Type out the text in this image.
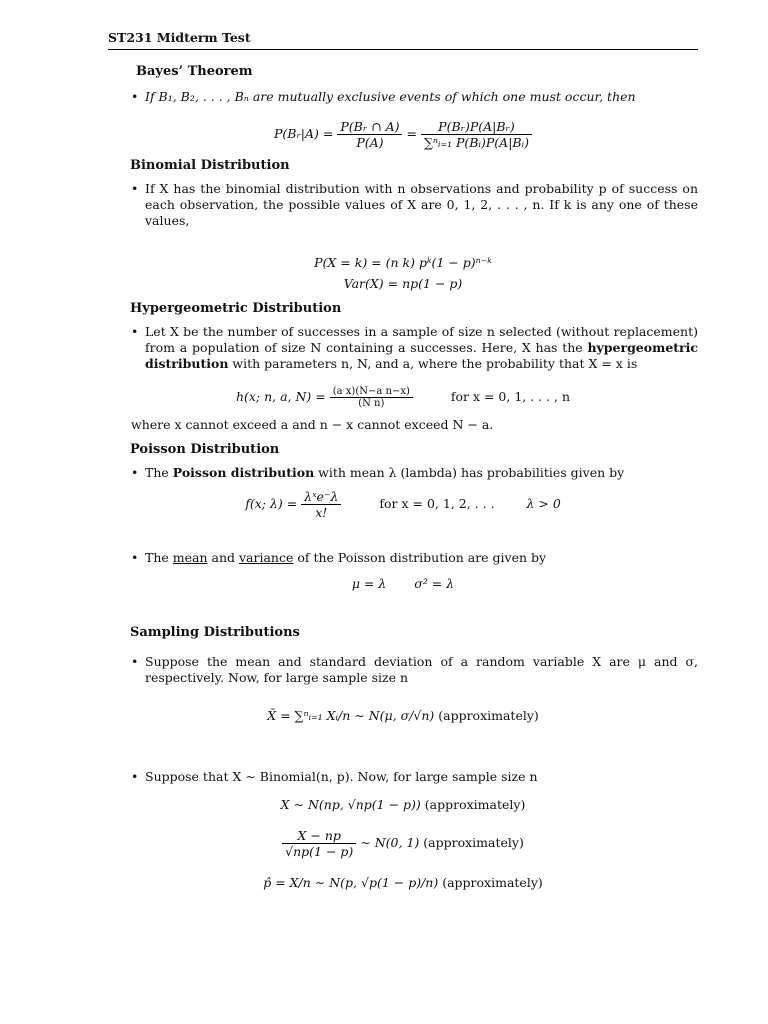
ST231 Midterm Test
Bayes’ Theorem
• If B₁, B₂, . . . , Bₙ are mutually exclusive events of which one must occur, then
P(Bᵣ|A) = $\frac{\text{P(Bᵣ ∩ A)}}{P(A)} = \frac{\text{P(Bᵣ)P(A|Bᵣ)}}{\text{∑ⁿᵢ₌₁ P(Bᵢ)P(A|Bᵢ)}}$
Binomial Distribution
• If X has the binomial distribution with n observations and probability p of success on each observation, the possible values of X are 0, 1, 2, . . . , n. If k is any one of these values,
P(X = k) = (n k) pᵏ(1 − p)ⁿ⁻ᵏ
Var(X) = np(1 − p)
Hypergeometric Distribution
• Let X be the number of successes in a sample of size n selected (without replacement) from a population of size N containing a successes. Here, X has the hypergeometric distribution with parameters n, N, and a, where the probability that X = x is
h(x; n, a, $N) = \frac{\text{(a x)(N−a n−x)}}{\text{(N n)}}$	for x = 0, 1, . . . , n
where x cannot exceed a and n − x cannot exceed N − a.
Poisson Distribution
• The Poisson distribution with mean λ (lambda) has probabilities given by
f(x; $\lambda) = \frac{\text{λˣe⁻λ}}{x!}$	for x = 0, 1, 2, . . .	λ > 0
• The mean and variance of the Poisson distribution are given by
μ = λ σ² = λ
Sampling Distributions
• Suppose the mean and standard deviation of a random variable X are μ and σ, respectively. Now, for large sample size n
X̄ = ∑ⁿᵢ₌₁ Xᵢ/n ∼ N(μ, σ/√n) (approximately)
• Suppose that X ∼ Binomial(n, p). Now, for large sample size n
X ∼ N(np, √np(1 − p)) (approximately)
$\frac{X - np}{√np(1 - p)}$ ∼ N(0, 1) (approximately)
p̂ = X/n ∼ N(p, √p(1 − p)/n) (approximately)
